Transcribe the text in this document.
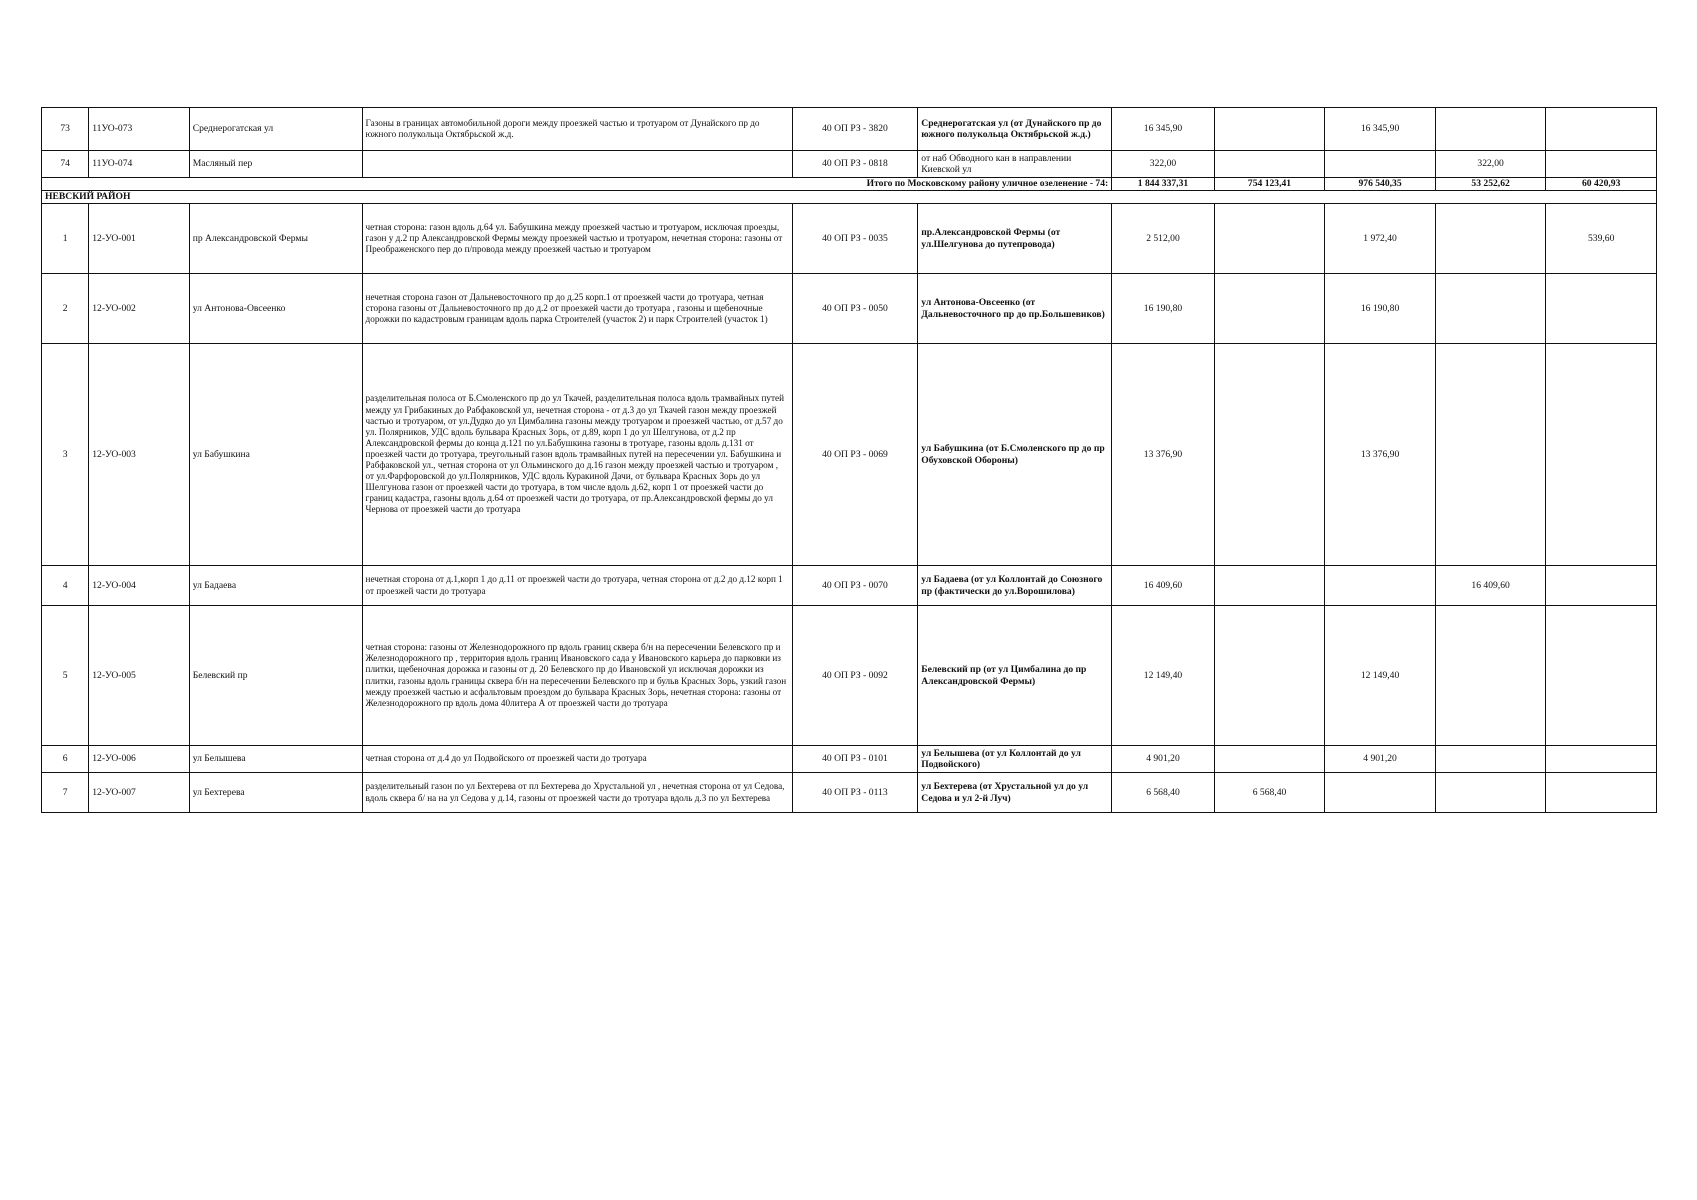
73	11УО-073	Среднерогатская ул	Газоны в границах автомобильной дороги между проезжей частью и тротуаром от Дунайского пр до южного полукольца Октябрьской ж.д.	40 ОП РЗ - 3820	Среднерогатская ул (от Дунайского пр до южного полукольца Октябрьской ж.д.)	16 345,90		16 345,90		
74	11УО-074	Масляный пер		40 ОП РЗ - 0818	от наб Обводного кан в направлении Киевской ул	322,00			322,00	
Итого по Московскому району уличное озеленение - 74:						1 844 337,31	754 123,41	976 540,35	53 252,62	60 420,93
НЕВСКИЙ РАЙОН										
1	12-УО-001	пр Александровской Фермы	четная сторона: газон вдоль д.64 ул. Бабушкина между проезжей частью и тротуаром, исключая проезды, газон у д.2 пр Александровской Фермы между проезжей частью и тротуаром, нечетная сторона: газоны от Преображенского пер до п/провода между проезжей частью и тротуаром	40 ОП РЗ - 0035	пр.Александровской Фермы (от ул.Шелгунова до путепровода)	2 512,00		1 972,40		539,60
2	12-УО-002	ул Антонова-Овсеенко	нечетная сторона газон от Дальневосточного пр до д.25 корп.1 от проезжей части до тротуара, четная сторона газоны от Дальневосточного пр до д.2 от проезжей части до тротуара , газоны и щебеночные дорожки по кадастровым границам вдоль парка Строителей (участок 2) и парк Строителей (участок 1)	40 ОП РЗ - 0050	ул Антонова-Овсеенко (от Дальневосточного пр до пр.Большевиков)	16 190,80		16 190,80		
3	12-УО-003	ул Бабушкина	разделительная полоса от Б.Смоленского пр до ул Ткачей, разделительная полоса вдоль трамвайных путей между ул Грибакиных до Рабфаковской ул, нечетная сторона - от д.3 до ул Ткачей газон между проезжей частью и тротуаром, от ул.Дудко до ул Цимбалина газоны между тротуаром и проезжей частью, от д.57 до ул. Полярников, УДС вдоль бульвара Красных Зорь, от д.89, корп 1 до ул Шелгунова, от д.2 пр Александровской фермы до конца д.121 по ул.Бабушкина газоны в тротуаре, газоны вдоль д.131 от проезжей части до тротуара, треугольный газон вдоль трамвайных путей на пересечении ул. Бабушкина и Рабфаковской ул., четная сторона от ул Ольминского до д.16 газон между проезжей частью и тротуаром , от ул.Фарфоровской до ул.Полярников, УДС вдоль Куракиной Дачи, от бульвара Красных Зорь до ул Шелгунова газон от проезжей части до тротуара, в том числе вдоль д.62, корп 1 от проезжей части до границ кадастра, газоны вдоль д.64 от проезжей части до тротуара, от пр.Александровской фермы до ул Чернова от проезжей части до тротуара	40 ОП РЗ - 0069	ул Бабушкина (от Б.Смоленского пр до пр Обуховской Обороны)	13 376,90		13 376,90		
4	12-УО-004	ул Бадаева	нечетная сторона от д.1,корп 1 до д.11 от проезжей части до тротуара, четная сторона от д.2 до д.12 корп 1 от проезжей части до тротуара	40 ОП РЗ - 0070	ул Бадаева (от ул Коллонтай до Союзного пр (фактически до ул.Ворошилова)	16 409,60			16 409,60	
5	12-УО-005	Белевский пр	четная сторона: газоны от Железнодорожного пр вдоль границ сквера б/н на пересечении Белевского пр и Железнодорожного пр , территория вдоль границ Ивановского сада у Ивановского карьера до парковки из плитки, щебеночная дорожка и газоны от д. 20 Белевского пр до Ивановской ул исключая дорожки из плитки, газоны вдоль границы сквера б/н на пересечении Белевского пр и бульв Красных Зорь, узкий газон между проезжей частью и асфальтовым проездом до бульвара Красных Зорь, нечетная сторона: газоны от Железнодорожного пр вдоль дома 40литера А от проезжей части до тротуара	40 ОП РЗ - 0092	Белевский пр (от ул Цимбалина до пр Александровской Фермы)	12 149,40		12 149,40		
6	12-УО-006	ул Белышева	четная сторона от д.4 до ул Подвойского от проезжей части до тротуара	40 ОП РЗ - 0101	ул Белышева (от ул Коллонтай до ул Подвойского)	4 901,20		4 901,20		
7	12-УО-007	ул Бехтерева	разделительный газон по ул Бехтерева от пл Бехтерева до Хрустальной ул , нечетная сторона от ул Седова, вдоль сквера б/ на на ул Седова у д.14, газоны от проезжей части до тротуара вдоль д.3 по ул Бехтерева	40 ОП РЗ - 0113	ул Бехтерева (от Хрустальной ул до ул Седова и ул 2-й Луч)	6 568,40	6 568,40			
